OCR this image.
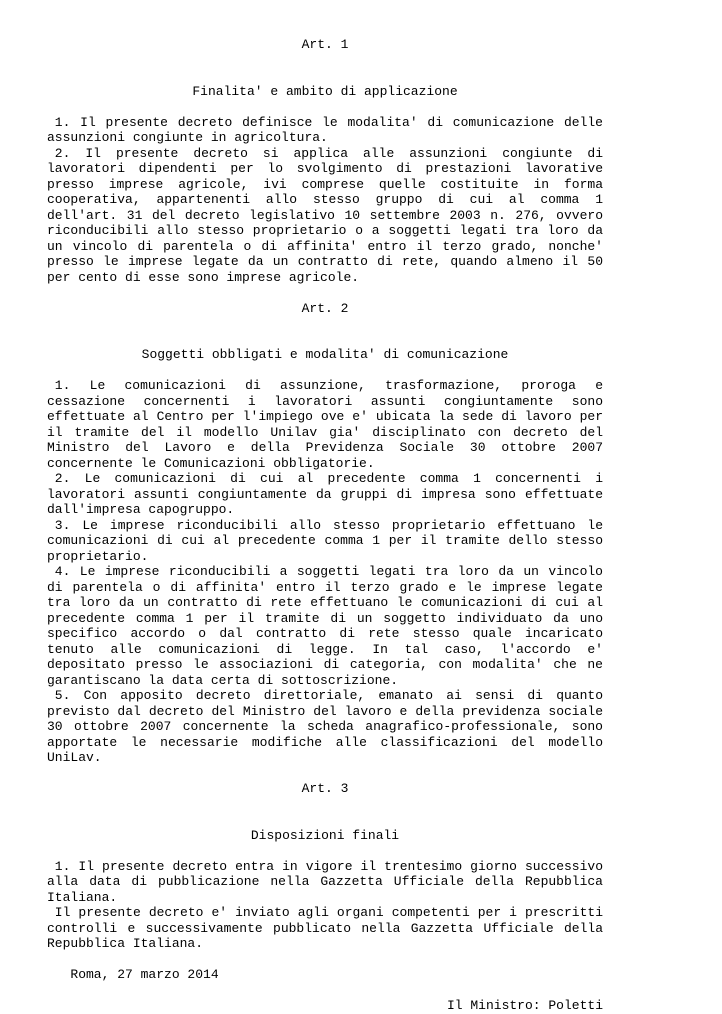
Art. 1

Finalita' e ambito di applicazione

1. Il presente decreto definisce le modalita' di comunicazione delle assunzioni congiunte in agricoltura.

2. Il presente decreto si applica alle assunzioni congiunte di lavoratori dipendenti per lo svolgimento di prestazioni lavorative presso imprese agricole, ivi comprese quelle costituite in forma cooperativa, appartenenti allo stesso gruppo di cui al comma 1 dell'art. 31 del decreto legislativo 10 settembre 2003 n. 276, ovvero riconducibili allo stesso proprietario o a soggetti legati tra loro da un vincolo di parentela o di affinita' entro il terzo grado, nonche' presso le imprese legate da un contratto di rete, quando almeno il 50 per cento di esse sono imprese agricole.

Art. 2

Soggetti obbligati e modalita' di comunicazione

1. Le comunicazioni di assunzione, trasformazione, proroga e cessazione concernenti i lavoratori assunti congiuntamente sono effettuate al Centro per l'impiego ove e' ubicata la sede di lavoro per il tramite del il modello Unilav gia' disciplinato con decreto del Ministro del Lavoro e della Previdenza Sociale 30 ottobre 2007 concernente le Comunicazioni obbligatorie.

2. Le comunicazioni di cui al precedente comma 1 concernenti i lavoratori assunti congiuntamente da gruppi di impresa sono effettuate dall'impresa capogruppo.

3. Le imprese riconducibili allo stesso proprietario effettuano le comunicazioni di cui al precedente comma 1 per il tramite dello stesso proprietario.

4. Le imprese riconducibili a soggetti legati tra loro da un vincolo di parentela o di affinita' entro il terzo grado e le imprese legate tra loro da un contratto di rete effettuano le comunicazioni di cui al precedente comma 1 per il tramite di un soggetto individuato da uno specifico accordo o dal contratto di rete stesso quale incaricato tenuto alle comunicazioni di legge. In tal caso, l'accordo e' depositato presso le associazioni di categoria, con modalita' che ne garantiscano la data certa di sottoscrizione.

5. Con apposito decreto direttoriale, emanato ai sensi di quanto previsto dal decreto del Ministro del lavoro e della previdenza sociale 30 ottobre 2007 concernente la scheda anagrafico-professionale, sono apportate le necessarie modifiche alle classificazioni del modello UniLav.

Art. 3

Disposizioni finali

1. Il presente decreto entra in vigore il trentesimo giorno successivo alla data di pubblicazione nella Gazzetta Ufficiale della Repubblica Italiana.

Il presente decreto e' inviato agli organi competenti per i prescritti controlli e successivamente pubblicato nella Gazzetta Ufficiale della Repubblica Italiana.

Roma, 27 marzo 2014

Il Ministro: Poletti
